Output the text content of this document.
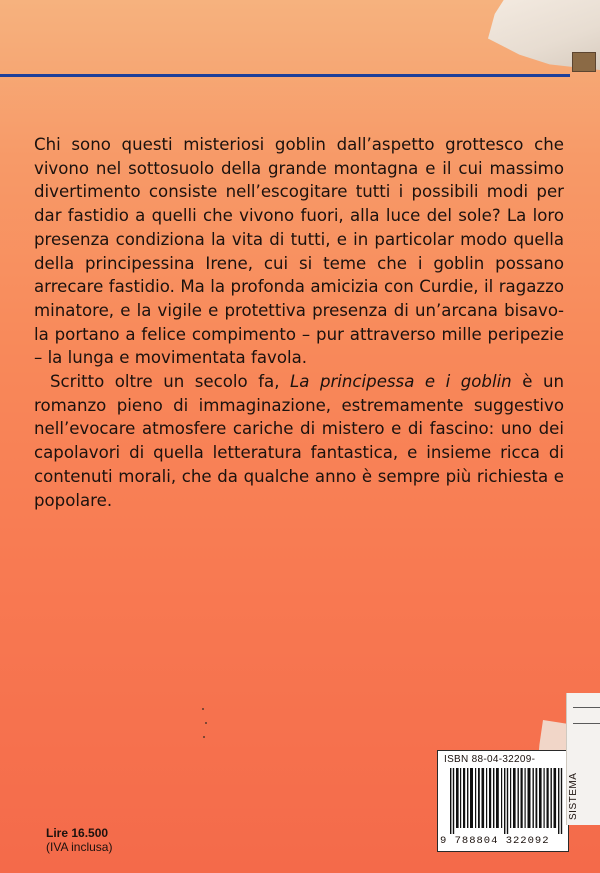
Chi sono questi misteriosi goblin dall’aspetto grottesco che vivono nel sottosuolo della grande montagna e il cui massimo divertimento consiste nell’escogitare tutti i possibili modi per dar fastidio a quelli che vivono fuori, alla luce del sole? La loro presenza condiziona la vita di tutti, e in particolar modo quella della principessina Irene, cui si teme che i goblin possano arrecare fastidio. Ma la profonda amicizia con Curdie, il ragazzo minatore, e la vigile e protettiva presenza di un’arcana bisavola portano a felice compimento – pur attraverso mille peripezie – la lunga e movimentata favola.

Scritto oltre un secolo fa, La principessa e i goblin è un romanzo pieno di immaginazione, estremamente suggestivo nell’evocare atmosfere cariche di mistero e di fascino: uno dei capolavori di quella letteratura fantastica, e insieme ricca di contenuti morali, che da qualche anno è sempre più richiesta e popolare.

Lire 16.500
(IVA inclusa)
ISBN 88-04-32209-
9 788804 322092
SISTEMA
